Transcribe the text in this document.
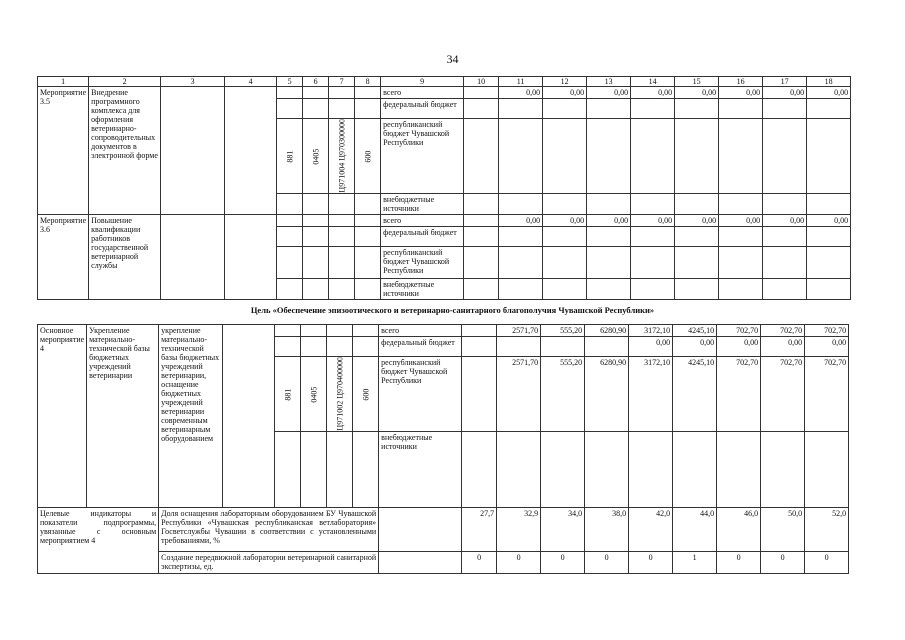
34
1	2	3	4	5	6	7	8	9	10	11	12	13	14	15	16	17	18
Мероприятие 3.5	Внедрение программного комплекса для оформления ветеринарно-сопроводительных документов в электронной форме							всего		0,00	0,00	0,00	0,00	0,00	0,00	0,00	0,00
								федеральный бюджет									
				881	0405	Ц971004 Ц970300000	600	республиканский бюджет Чувашской Республики									
								внебюджетные источники									
Мероприятие 3.6	Повышение квалификации работников государственной ветеринарной службы							всего		0,00	0,00	0,00	0,00	0,00	0,00	0,00	0,00
								федеральный бюджет									
								республиканский бюджет Чувашской Республики									
								внебюджетные источники									
Цель «Обеспечение эпизоотического и ветеринарно-санитарного благополучия Чувашской Республики»
Основное мероприятие 4	Укрепление материально-технической базы бюджетных учреждений ветеринарии	укрепление материально-технической базы бюджетных учреждений ветеринарии, оснащение бюджетных учреждений ветеринарии современным ветеринарным оборудованием						всего		2571,70	555,20	6280,90	3172,10	4245,10	702,70	702,70	702,70
								федеральный бюджет					0,00	0,00	0,00	0,00	0,00
				881	0405	Ц971002 Ц970400000	600	республиканский бюджет Чувашской Республики		2571,70	555,20	6280,90	3172,10	4245,10	702,70	702,70	702,70
								внебюджетные источники									
Целевые индикаторы и показатели подпрограммы, увязанные с основным мероприятием 4		Доля оснащения лабораторным оборудованием БУ Чувашской Республики «Чувашская республиканская ветлаборатория» Госветслужбы Чувашии в соответствии с установленными требованиями, %							27,7	32,9	34,0	38,0	42,0	44,0	46,0	50,0	52,0
		Создание передвижной лаборатории ветеринарной санитарной экспертизы, ед.							0	0	0	0	0	1	0	0	0
